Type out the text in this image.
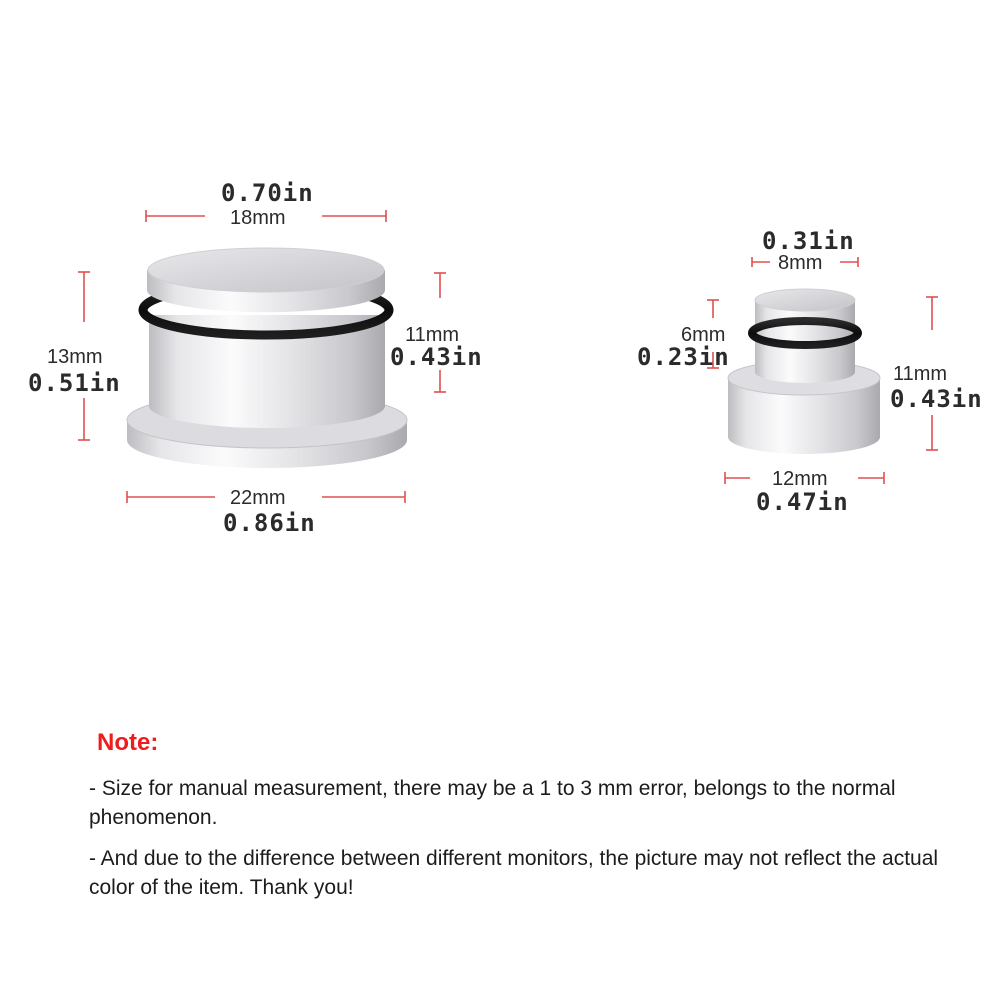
0.70in
18mm
13mm
0.51in
11mm
0.43in
22mm
0.86in
0.31in
8mm
6mm
0.23in
11mm
0.43in
12mm
0.47in
Note:
- Size for manual measurement, there may be a 1 to 3 mm error, belongs to the normal phenomenon.
- And due to the difference between different monitors, the picture may not reflect the actual color of the item. Thank you!
